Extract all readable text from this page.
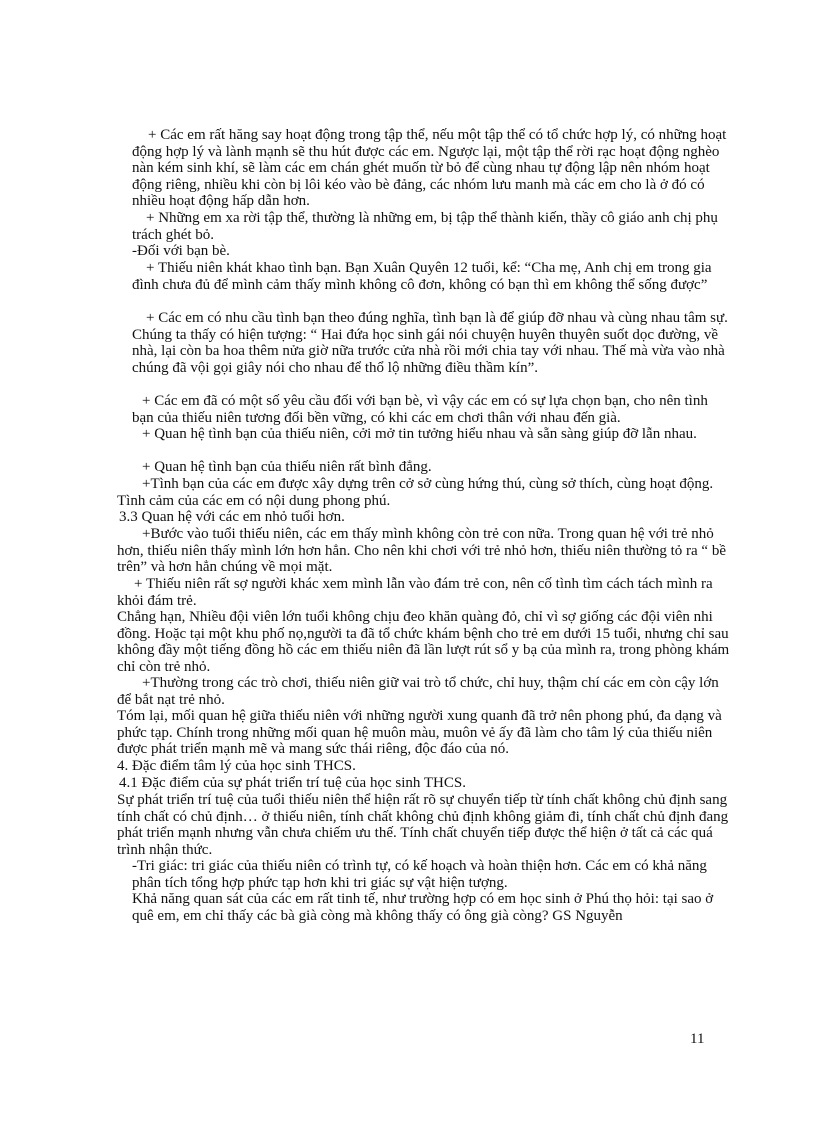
+ Các em rất hăng say hoạt động trong tập thể, nếu một tập thể có tổ chức hợp lý, có những hoạt động hợp lý và lành mạnh sẽ thu hút được các em. Ngược lại, một tập thể rời rạc hoạt động nghèo nàn kém sinh khí, sẽ làm các em chán ghét muốn từ bỏ để cùng nhau tự động lập nên nhóm hoạt động riêng, nhiều khi còn bị lôi kéo vào bè đảng, các nhóm lưu manh mà các em cho là ở đó có nhiều hoạt động hấp dẫn hơn.

+ Những em xa rời tập thể, thường là những em, bị tập thể thành kiến, thầy cô giáo anh chị phụ trách ghét bỏ.

-Đối với bạn bè.

+ Thiếu niên khát khao tình bạn. Bạn Xuân Quyên 12 tuổi, kể: “Cha mẹ, Anh chị em trong gia đình chưa đủ để mình cảm thấy mình không cô đơn, không có bạn thì em không thể sống được”

+ Các em có nhu cầu tình bạn theo đúng nghĩa, tình bạn là để giúp đỡ nhau và cùng nhau tâm sự. Chúng ta thấy có hiện tượng: “ Hai đứa học sinh gái nói chuyện huyên thuyên suốt dọc đường, về nhà, lại còn ba hoa thêm nửa giờ nữa trước cửa nhà rồi mới chia tay với nhau. Thế mà vừa vào nhà chúng đã vội gọi giây nói cho nhau để thổ lộ những điều thầm kín”.

+ Các em đã có một số yêu cầu đối với bạn bè, vì vậy các em có sự lựa chọn bạn, cho nên tình bạn của thiếu niên tương đối bền vững, có khi các em chơi thân với nhau đến già.

+ Quan hệ tình bạn của thiếu niên, cởi mở tin tưởng hiểu nhau và sẵn sàng giúp đỡ lẫn nhau.

+ Quan hệ tình bạn của thiếu niên rất bình đẳng.

+Tình bạn của các em được xây dựng trên cở sở cùng hứng thú, cùng sở thích, cùng hoạt động. Tình cảm của các em có nội dung phong phú.

3.3 Quan hệ với các em nhỏ tuổi hơn.

+Bước vào tuổi thiếu niên, các em thấy mình không còn trẻ con nữa. Trong quan hệ với trẻ nhỏ hơn, thiếu niên thấy mình lớn hơn hẳn. Cho nên khi chơi với trẻ nhỏ hơn, thiếu niên thường tỏ ra “ bề trên” và hơn hẳn chúng về mọi mặt.

+ Thiếu niên rất sợ người khác xem mình lẫn vào đám trẻ con, nên cố tình tìm cách tách mình ra khỏi đám trẻ.

Chẳng hạn, Nhiều đội viên lớn tuổi không chịu đeo khăn quàng đỏ, chỉ vì sợ giống các đội viên nhi đồng. Hoặc tại một khu phố nọ,người ta đã tổ chức khám bệnh cho trẻ em dưới 15 tuổi, nhưng chỉ sau không đầy một tiếng đồng hồ các em thiếu niên đã lần lượt rút sổ y bạ của mình ra, trong phòng khám chỉ còn trẻ nhỏ.

+Thường trong các trò chơi, thiếu niên giữ vai trò tổ chức, chỉ huy, thậm chí các em còn cậy lớn để bắt nạt trẻ nhỏ.

Tóm lại, mối quan hệ giữa thiếu niên với những người xung quanh đã trở nên phong phú, đa dạng và phức tạp. Chính trong những mối quan hệ muôn màu, muôn vẻ ấy đã làm cho tâm lý của thiếu niên được phát triển mạnh mẽ và mang sức thái riêng, độc đáo của nó.

4. Đặc điểm tâm lý của học sinh THCS.

4.1 Đặc điểm của sự phát triển trí tuệ của học sinh THCS.

Sự phát triển trí tuệ của tuổi thiếu niên thể hiện rất rõ sự chuyển tiếp từ tính chất không chủ định sang tính chất có chủ định… ở thiếu niên, tính chất không chủ định không giảm đi, tính chất chủ định đang phát triển mạnh nhưng vẫn chưa chiếm ưu thế. Tính chất chuyển tiếp được thể hiện ở tất cả các quá trình nhận thức.

-Tri giác: tri giác của thiếu niên có trình tự, có kế hoạch và hoàn thiện hơn. Các em có khả năng phân tích tổng hợp phức tạp hơn khi tri giác sự vật hiện tượng.

Khả năng quan sát của các em rất tinh tế, như trường hợp có em học sinh ở Phú thọ hỏi: tại sao ở quê em, em chỉ thấy các bà già còng mà không thấy có ông già còng? GS Nguyễn

11
